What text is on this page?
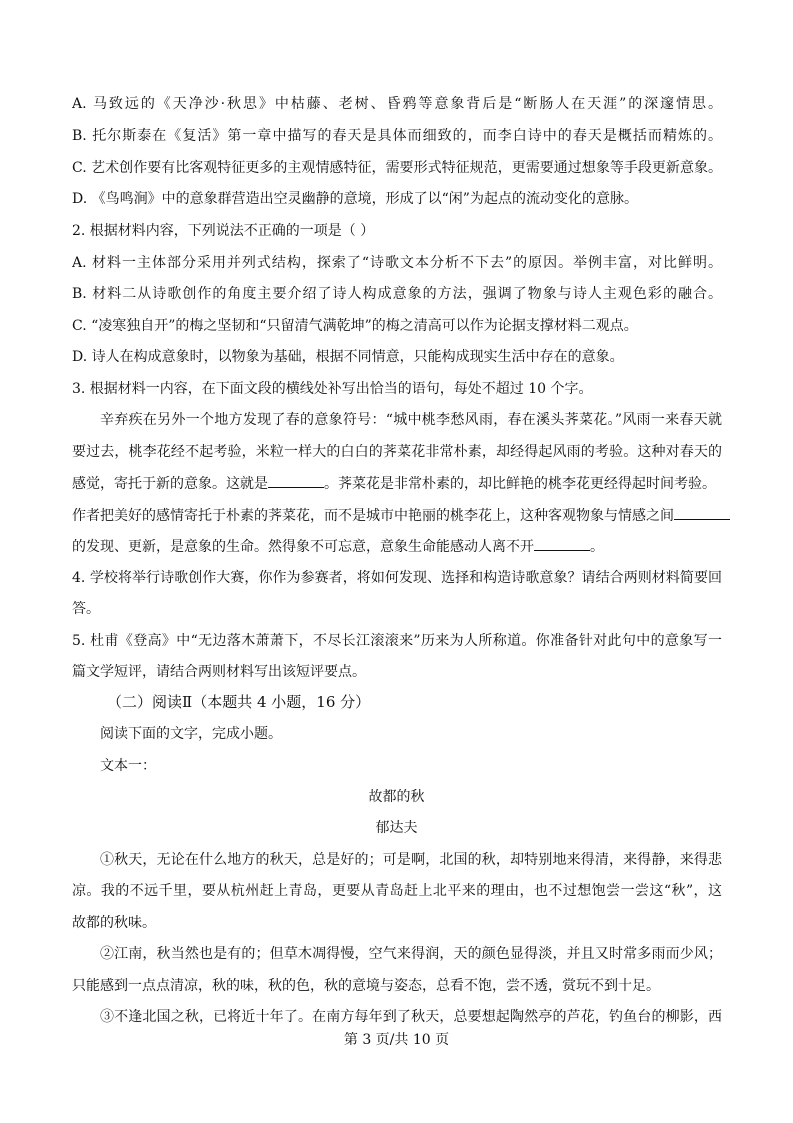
A. 马致远的《天净沙·秋思》中枯藤、老树、昏鸦等意象背后是“断肠人在天涯”的深邃情思。
B. 托尔斯泰在《复活》第一章中描写的春天是具体而细致的，而李白诗中的春天是概括而精炼的。
C. 艺术创作要有比客观特征更多的主观情感特征，需要形式特征规范，更需要通过想象等手段更新意象。
D. 《鸟鸣涧》中的意象群营造出空灵幽静的意境，形成了以“闲”为起点的流动变化的意脉。
2. 根据材料内容，下列说法不正确的一项是（ ）
A. 材料一主体部分采用并列式结构，探索了“诗歌文本分析不下去”的原因。举例丰富，对比鲜明。
B. 材料二从诗歌创作的角度主要介绍了诗人构成意象的方法，强调了物象与诗人主观色彩的融合。
C. “凌寒独自开”的梅之坚韧和“只留清气满乾坤”的梅之清高可以作为论据支撑材料二观点。
D. 诗人在构成意象时，以物象为基础，根据不同情意，只能构成现实生活中存在的意象。
3. 根据材料一内容，在下面文段的横线处补写出恰当的语句，每处不超过 10 个字。
辛弃疾在另外一个地方发现了春的意象符号：“城中桃李愁风雨，春在溪头荠菜花。”风雨一来春天就
要过去，桃李花经不起考验，米粒一样大的白白的荠菜花非常朴素，却经得起风雨的考验。这种对春天的
感觉，寄托于新的意象。这就是	。荠菜花是非常朴素的，却比鲜艳的桃李花更经得起时间考验。
作者把美好的感情寄托于朴素的荠菜花，而不是城市中艳丽的桃李花上，这种客观物象与情感之间
的发现、更新，是意象的生命。然得象不可忘意，意象生命能感动人离不开	。
4. 学校将举行诗歌创作大赛，你作为参赛者，将如何发现、选择和构造诗歌意象？请结合两则材料简要回
答。
5. 杜甫《登高》中“无边落木萧萧下，不尽长江滚滚来”历来为人所称道。你准备针对此句中的意象写一
篇文学短评，请结合两则材料写出该短评要点。
（二）阅读Ⅱ（本题共 4 小题，16 分）
阅读下面的文字，完成小题。
文本一：
故都的秋
郁达夫
①秋天，无论在什么地方的秋天，总是好的；可是啊，北国的秋，却特别地来得清，来得静，来得悲
凉。我的不远千里，要从杭州赶上青岛，更要从青岛赶上北平来的理由，也不过想饱尝一尝这“秋”，这
故都的秋味。
②江南，秋当然也是有的；但草木凋得慢，空气来得润，天的颜色显得淡，并且又时常多雨而少风；
只能感到一点点清凉，秋的味，秋的色，秋的意境与姿态，总看不饱，尝不透，赏玩不到十足。
③不逢北国之秋，已将近十年了。在南方每年到了秋天，总要想起陶然亭的芦花，钓鱼台的柳影，西
第 3 页/共 10 页
